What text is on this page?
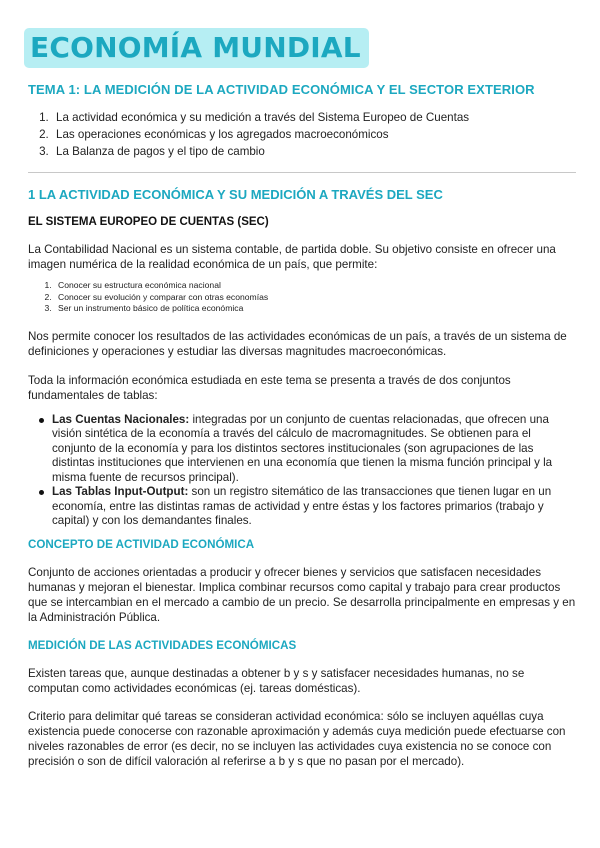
ECONOMÍA MUNDIAL
TEMA 1: LA MEDICIÓN DE LA ACTIVIDAD ECONÓMICA Y EL SECTOR EXTERIOR
1. La actividad económica y su medición a través del Sistema Europeo de Cuentas
2. Las operaciones económicas y los agregados macroeconómicos
3. La Balanza de pagos y el tipo de cambio
1 LA ACTIVIDAD ECONÓMICA Y SU MEDICIÓN A TRAVÉS DEL SEC
EL SISTEMA EUROPEO DE CUENTAS (SEC)

La Contabilidad Nacional es un sistema contable, de partida doble. Su objetivo consiste en ofrecer una imagen numérica de la realidad económica de un país, que permite:

1. Conocer su estructura económica nacional
2. Conocer su evolución y comparar con otras economías
3. Ser un instrumento básico de política económica

Nos permite conocer los resultados de las actividades económicas de un país, a través de un sistema de definiciones y operaciones y estudiar las diversas magnitudes macroeconómicas.

Toda la información económica estudiada en este tema se presenta a través de dos conjuntos fundamentales de tablas:

Las Cuentas Nacionales: integradas por un conjunto de cuentas relacionadas, que ofrecen una visión sintética de la economía a través del cálculo de macromagnitudes. Se obtienen para el conjunto de la economía y para los distintos sectores institucionales (son agrupaciones de las distintas instituciones que intervienen en una economía que tienen la misma función principal y la misma fuente de recursos principal).
Las Tablas Input-Output: son un registro sitemático de las transacciones que tienen lugar en un economía, entre las distintas ramas de actividad y entre éstas y los factores primarios (trabajo y capital) y con los demandantes finales.
CONCEPTO DE ACTIVIDAD ECONÓMICA

Conjunto de acciones orientadas a producir y ofrecer bienes y servicios que satisfacen necesidades humanas y mejoran el bienestar. Implica combinar recursos como capital y trabajo para crear productos que se intercambian en el mercado a cambio de un precio. Se desarrolla principalmente en empresas y en la Administración Pública.

MEDICIÓN DE LAS ACTIVIDADES ECONÓMICAS

Existen tareas que, aunque destinadas a obtener b y s y satisfacer necesidades humanas, no se computan como actividades económicas (ej. tareas domésticas).

Criterio para delimitar qué tareas se consideran actividad económica: sólo se incluyen aquéllas cuya existencia puede conocerse con razonable aproximación y además cuya medición puede efectuarse con niveles razonables de error (es decir, no se incluyen las actividades cuya existencia no se conoce con precisión o son de difícil valoración al referirse a b y s que no pasan por el mercado).
